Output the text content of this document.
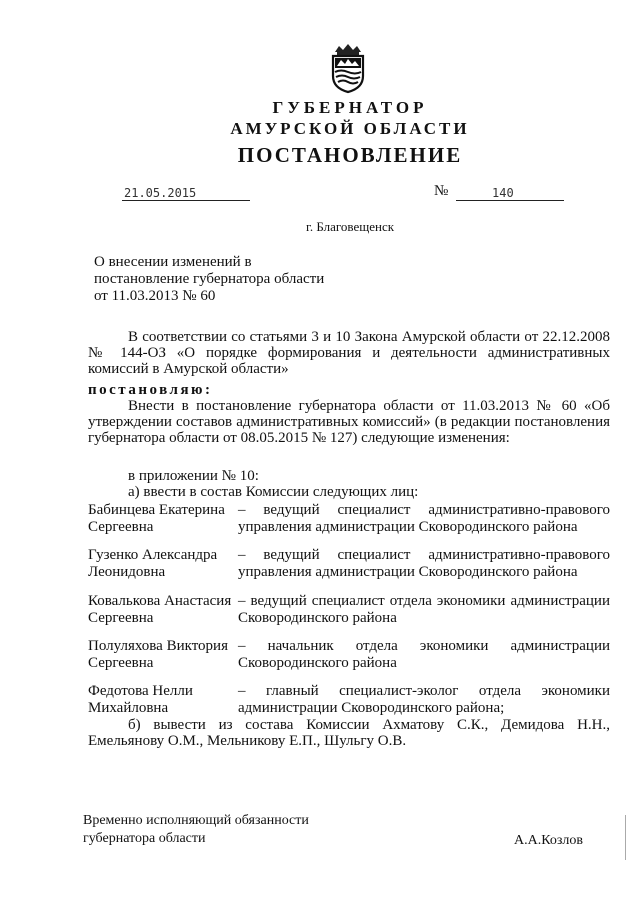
ГУБЕРНАТОР
АМУРСКОЙ ОБЛАСТИ
ПОСТАНОВЛЕНИЕ
21.05.2015	№	140
г. Благовещенск
О внесении изменений в постановление губернатора области от 11.03.2013 № 60
В соответствии со статьями 3 и 10 Закона Амурской области от 22.12.2008 № 144-ОЗ «О порядке формирования и деятельности административных комиссий в Амурской области»
постановляю:
Внести в постановление губернатора области от 11.03.2013 № 60 «Об утверждении составов административных комиссий» (в редакции постановления губернатора области от 08.05.2015 № 127) следующие изменения:
в приложении № 10:
а) ввести в состав Комиссии следующих лиц:
Бабинцева Екатерина Сергеевна
– ведущий специалист административно-правового управления администрации Сковородинского района
Гузенко Александра Леонидовна
– ведущий специалист административно-правового управления администрации Сковородинского района
Ковалькова Анастасия Сергеевна
– ведущий специалист отдела экономики администрации Сковородинского района
Полуляхова Виктория Сергеевна
– начальник отдела экономики администрации Сковородинского района
Федотова Нелли Михайловна
– главный специалист-эколог отдела экономики администрации Сковородинского района;
б) вывести из состава Комиссии Ахматову С.К., Демидова Н.Н., Емельянову О.М., Мельникову Е.П., Шульгу О.В.
Временно исполняющий обязанности
губернатора области	А.А.Козлов
